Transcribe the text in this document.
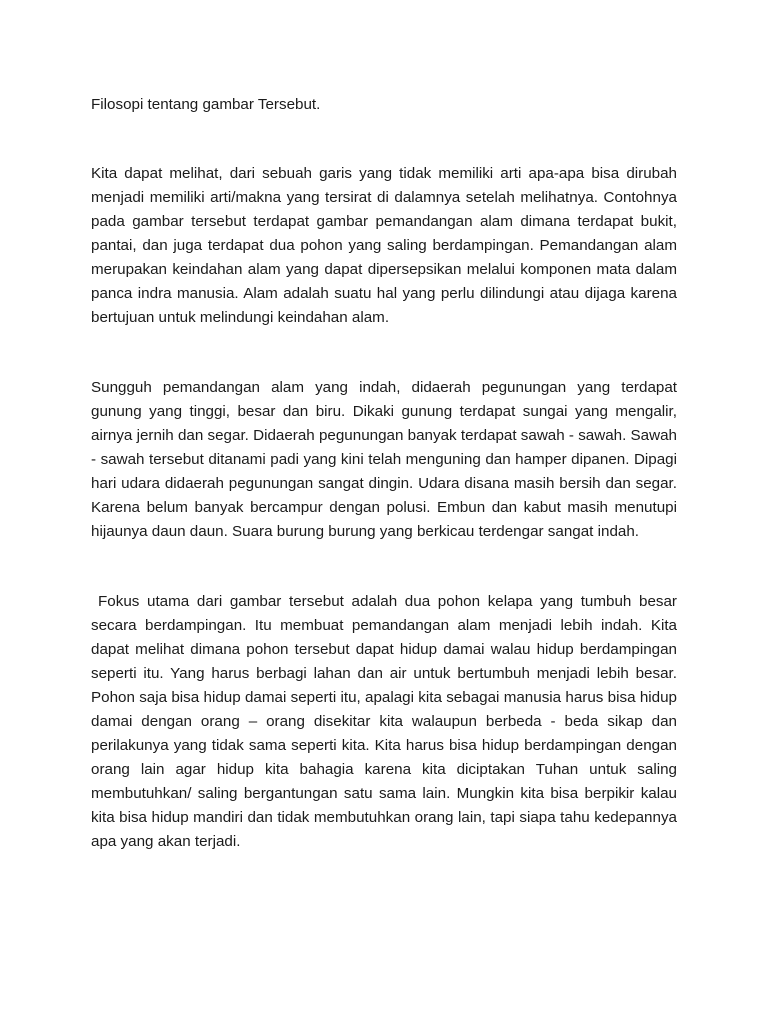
Filosopi tentang gambar Tersebut.

Kita dapat melihat, dari sebuah garis yang tidak memiliki arti apa-apa bisa dirubah menjadi memiliki arti/makna yang tersirat di dalamnya setelah melihatnya. Contohnya pada gambar tersebut terdapat gambar pemandangan alam dimana terdapat bukit, pantai, dan juga terdapat dua pohon yang saling berdampingan. Pemandangan alam merupakan keindahan alam yang dapat dipersepsikan melalui komponen mata dalam panca indra manusia. Alam adalah suatu hal yang perlu dilindungi atau dijaga karena bertujuan untuk melindungi keindahan alam.

Sungguh pemandangan alam yang indah, didaerah pegunungan yang terdapat gunung yang tinggi, besar dan biru. Dikaki gunung terdapat sungai yang mengalir, airnya jernih dan segar. Didaerah pegunungan banyak terdapat sawah - sawah. Sawah - sawah tersebut ditanami padi yang kini telah menguning dan hamper dipanen. Dipagi hari udara didaerah pegunungan sangat dingin. Udara disana masih bersih dan segar. Karena belum banyak bercampur dengan polusi. Embun dan kabut masih menutupi hijaunya daun daun. Suara burung burung yang berkicau terdengar sangat indah.

Fokus utama dari gambar tersebut adalah dua pohon kelapa yang tumbuh besar secara berdampingan. Itu membuat pemandangan alam menjadi lebih indah. Kita dapat melihat dimana pohon tersebut dapat hidup damai walau hidup berdampingan seperti itu. Yang harus berbagi lahan dan air untuk bertumbuh menjadi lebih besar. Pohon saja bisa hidup damai seperti itu, apalagi kita sebagai manusia harus bisa hidup damai dengan orang – orang disekitar kita walaupun berbeda - beda sikap dan perilakunya yang tidak sama seperti kita. Kita harus bisa hidup berdampingan dengan orang lain agar hidup kita bahagia karena kita diciptakan Tuhan untuk saling membutuhkan/ saling bergantungan satu sama lain. Mungkin kita bisa berpikir kalau kita bisa hidup mandiri dan tidak membutuhkan orang lain, tapi siapa tahu kedepannya apa yang akan terjadi.
